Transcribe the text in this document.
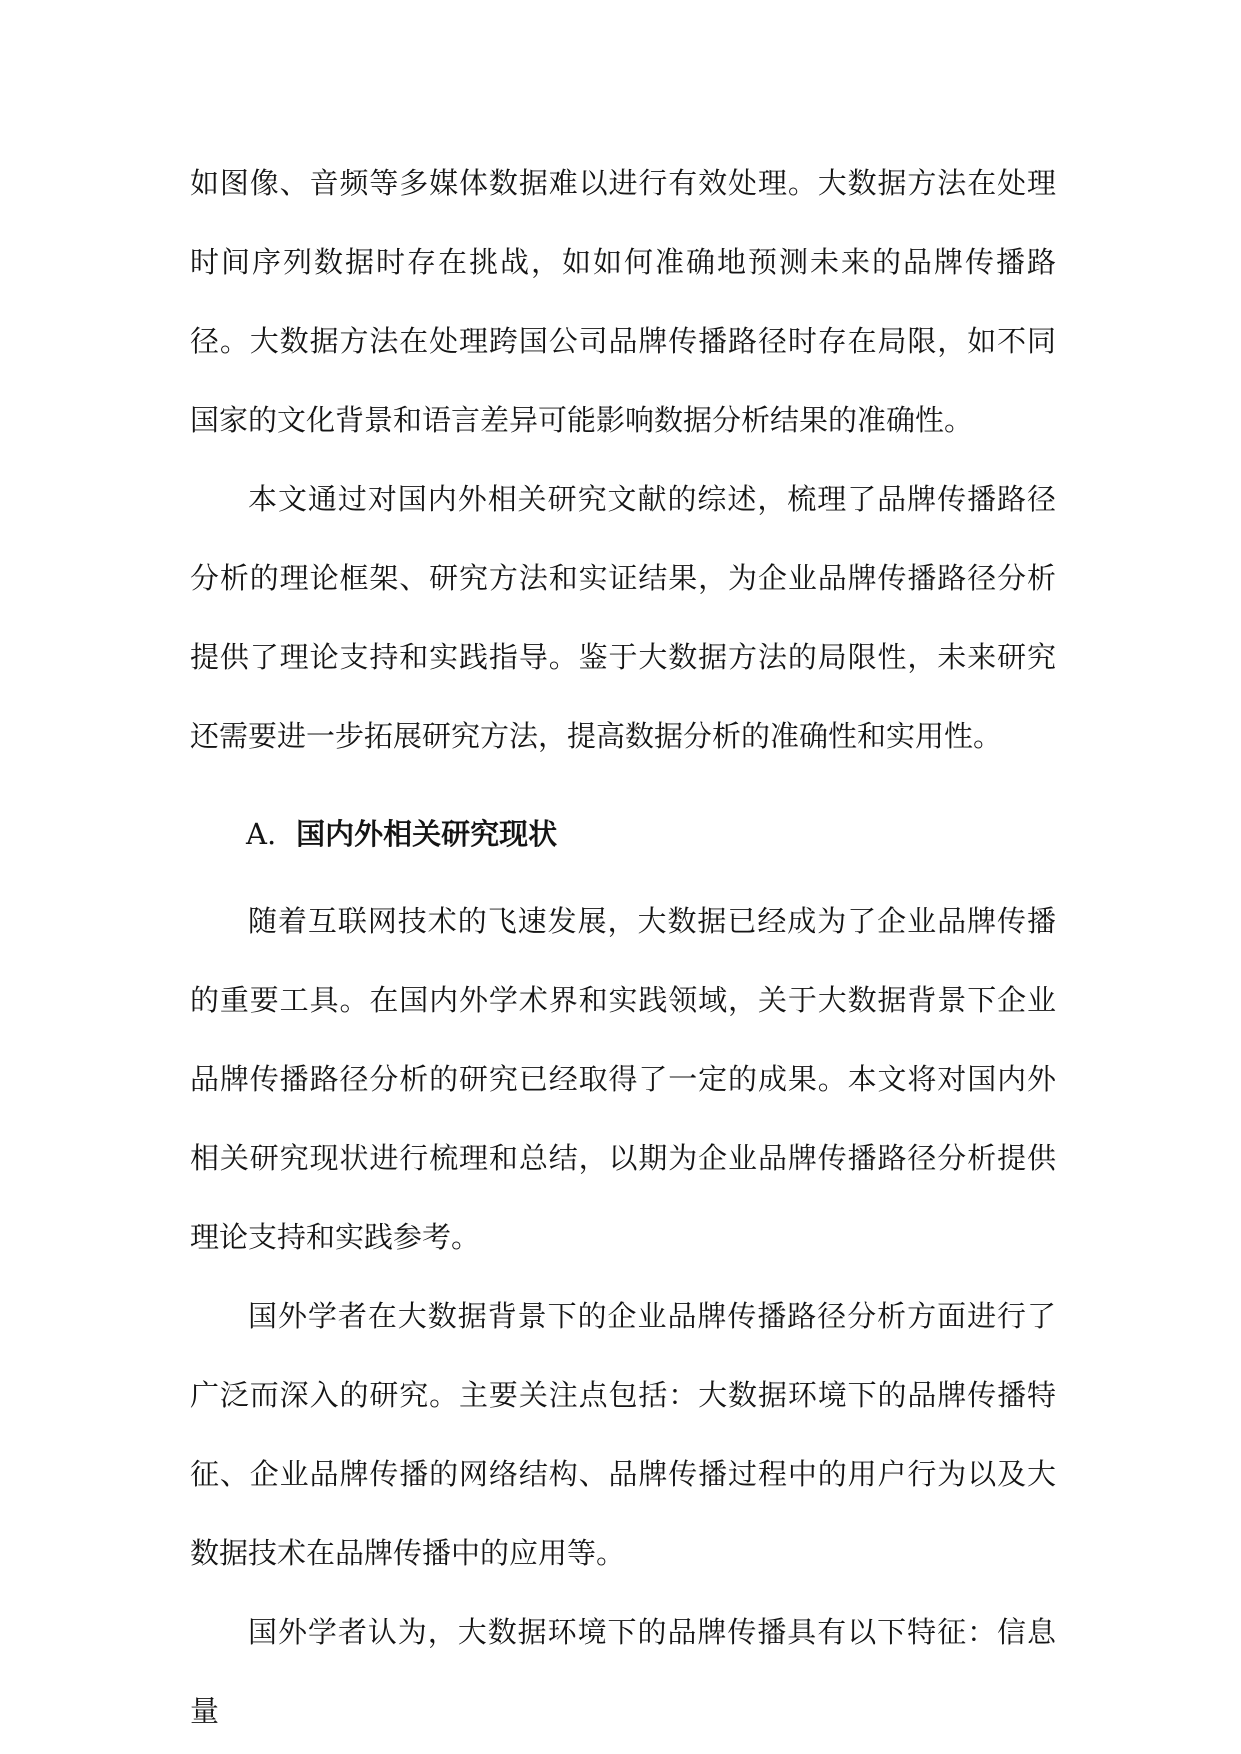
如图像、音频等多媒体数据难以进行有效处理。大数据方法在处理时间序列数据时存在挑战，如如何准确地预测未来的品牌传播路径。大数据方法在处理跨国公司品牌传播路径时存在局限，如不同国家的文化背景和语言差异可能影响数据分析结果的准确性。

本文通过对国内外相关研究文献的综述，梳理了品牌传播路径分析的理论框架、研究方法和实证结果，为企业品牌传播路径分析提供了理论支持和实践指导。鉴于大数据方法的局限性，未来研究还需要进一步拓展研究方法，提高数据分析的准确性和实用性。

A. 国内外相关研究现状

随着互联网技术的飞速发展，大数据已经成为了企业品牌传播的重要工具。在国内外学术界和实践领域，关于大数据背景下企业品牌传播路径分析的研究已经取得了一定的成果。本文将对国内外相关研究现状进行梳理和总结，以期为企业品牌传播路径分析提供理论支持和实践参考。

国外学者在大数据背景下的企业品牌传播路径分析方面进行了广泛而深入的研究。主要关注点包括：大数据环境下的品牌传播特征、企业品牌传播的网络结构、品牌传播过程中的用户行为以及大数据技术在品牌传播中的应用等。

国外学者认为，大数据环境下的品牌传播具有以下特征：信息量
